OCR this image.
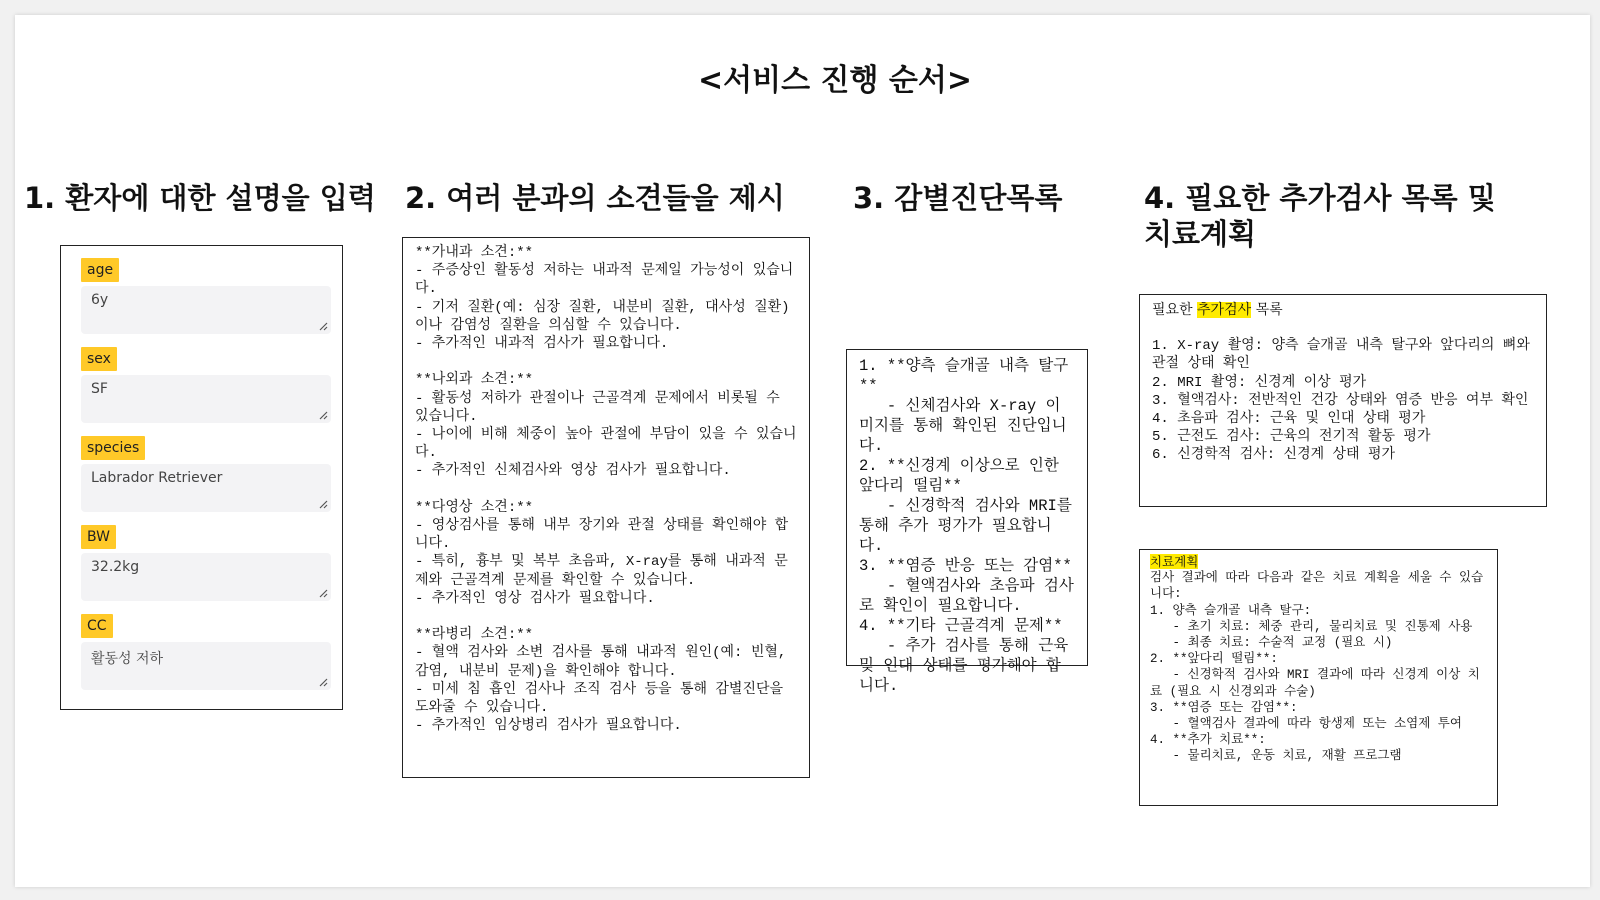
<서비스 진행 순서>
1. 환자에 대한 설명을 입력 2. 여러 분과의 소견들을 제시 3. 감별진단목록	4. 필요한 추가검사 목록 및
치료계획
age
6y
sex
SF
species
Labrador Retriever
BW
32.2kg
CC
활동성 저하
**가내과 소견:**
- 주증상인 활동성 저하는 내과적 문제일 가능성이 있습니다.
- 기저 질환(예: 심장 질환, 내분비 질환, 대사성 질환)이나 감염성 질환을 의심할 수 있습니다.
- 추가적인 내과적 검사가 필요합니다.

**나외과 소견:**
- 활동성 저하가 관절이나 근골격계 문제에서 비롯될 수 있습니다.
- 나이에 비해 체중이 높아 관절에 부담이 있을 수 있습니다.
- 추가적인 신체검사와 영상 검사가 필요합니다.

**다영상 소견:**
- 영상검사를 통해 내부 장기와 관절 상태를 확인해야 합니다.
- 특히, 흉부 및 복부 초음파, X-ray를 통해 내과적 문제와 근골격계 문제를 확인할 수 있습니다.
- 추가적인 영상 검사가 필요합니다.

**라병리 소견:**
- 혈액 검사와 소변 검사를 통해 내과적 원인(예: 빈혈, 감염, 내분비 문제)을 확인해야 합니다.
- 미세 침 흡인 검사나 조직 검사 등을 통해 감별진단을 도와줄 수 있습니다.
- 추가적인 임상병리 검사가 필요합니다.
1. **양측 슬개골 내측 탈구**
- 신체검사와 X-ray 이미지를 통해 확인된 진단입니다.
2. **신경계 이상으로 인한 앞다리 떨림**
- 신경학적 검사와 MRI를 통해 추가 평가가 필요합니다.
3. **염증 반응 또는 감염**
- 혈액검사와 초음파 검사로 확인이 필요합니다.
4. **기타 근골격계 문제**
- 추가 검사를 통해 근육 및 인대 상태를 평가해야 합니다.
필요한 추가검사 목록
1. X-ray 촬영: 양측 슬개골 내측 탈구와 앞다리의 뼈와 관절 상태 확인
2. MRI 촬영: 신경계 이상 평가
3. 혈액검사: 전반적인 건강 상태와 염증 반응 여부 확인
4. 초음파 검사: 근육 및 인대 상태 평가
5. 근전도 검사: 근육의 전기적 활동 평가
6. 신경학적 검사: 신경계 상태 평가
치료계획
검사 결과에 따라 다음과 같은 치료 계획을 세울 수 있습니다:
1. 양측 슬개골 내측 탈구:
- 초기 치료: 체중 관리, 물리치료 및 진통제 사용
- 최종 치료: 수술적 교정 (필요 시)
2. **앞다리 떨림**:
- 신경학적 검사와 MRI 결과에 따라 신경계 이상 치료 (필요 시 신경외과 수술)
3. **염증 또는 감염**:
- 혈액검사 결과에 따라 항생제 또는 소염제 투여
4. **추가 치료**:
- 물리치료, 운동 치료, 재활 프로그램
